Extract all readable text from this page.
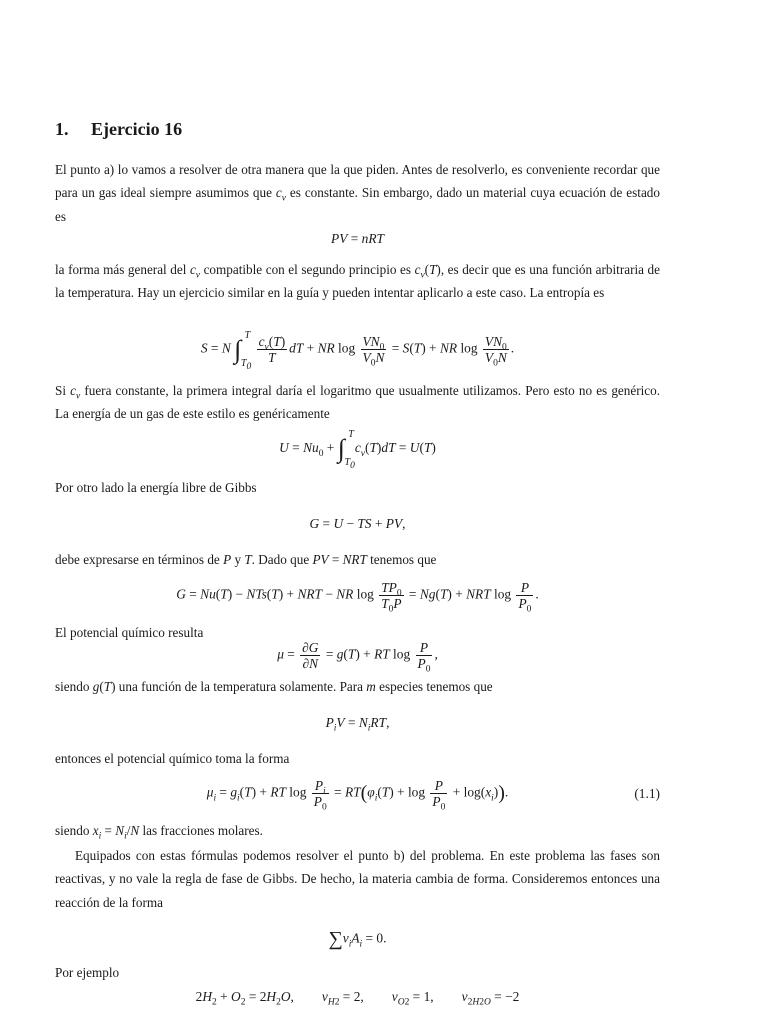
1. Ejercicio 16
El punto a) lo vamos a resolver de otra manera que la que piden. Antes de resolverlo, es conveniente recordar que para un gas ideal siempre asumimos que $c_v$ es constante. Sin embargo, dado un material cuya ecuación de estado es
PV = nRT
la forma más general del $c_v$ compatible con el segundo principio es $c_v(T)$, es decir que es una función arbitraria de la temperatura. Hay un ejercicio similar en la guía y pueden intentar aplicarlo a este caso. La entropía es
S = N ∫ T
$T_0$

$\frac{c_v(T)}{T}$ dT + NR $\log \frac{VN_0}{V_0N} = S(T)$ + NR $\log \frac{VN_0}{V_0N}$ .
Si $c_v$ fuera constante, la primera integral daría el logaritmo que usualmente utilizamos. Pero esto no es genérico. La energía de un gas de este estilo es genéricamente
$U = Nu_0$ + ∫ T
$T_0$
$c_v(T)dT = U(T)$
Por otro lado la energía libre de Gibbs
G = U − TS + PV,
debe expresarse en términos de P y T. Dado que PV = NRT tenemos que
G = Nu(T) − NTs(T) + NRT − NR $\log \frac{TP_0}{T_0P} = Ng(T)$ + NRT $\log \frac{P}{P_0}$ .
El potencial químico resulta
$\mu = \frac{\partial G}{\partial N} = g(T)$ + RT $\log \frac{P}{P_0}$ ,
siendo g(T) una función de la temperatura solamente. Para m especies tenemos que
$P_iV = N_iRT$,
entonces el potencial químico toma la forma
$\mu_i = g_i(T)$ + RT $\log \frac{P_i}{P_0} = RT(\varphi_i(T) + \log \frac{P}{P_0} + \log(x_i))$.	(1.1)
siendo $x_i = N_i/N$ las fracciones molares.
Equipados con estas fórmulas podemos resolver el punto b) del problema. En este problema las fases son reactivas, y no vale la regla de fase de Gibbs. De hecho, la materia cambia de forma. Consideremos entonces una reacción de la forma
$\sum\nu_iA_i = 0$.
Por ejemplo
$2H_2 + O_2 = 2H_2O$, $\nu_{H2} = 2$, $\nu_{O2} = 1$, $\nu_{2H2O} = -2$
